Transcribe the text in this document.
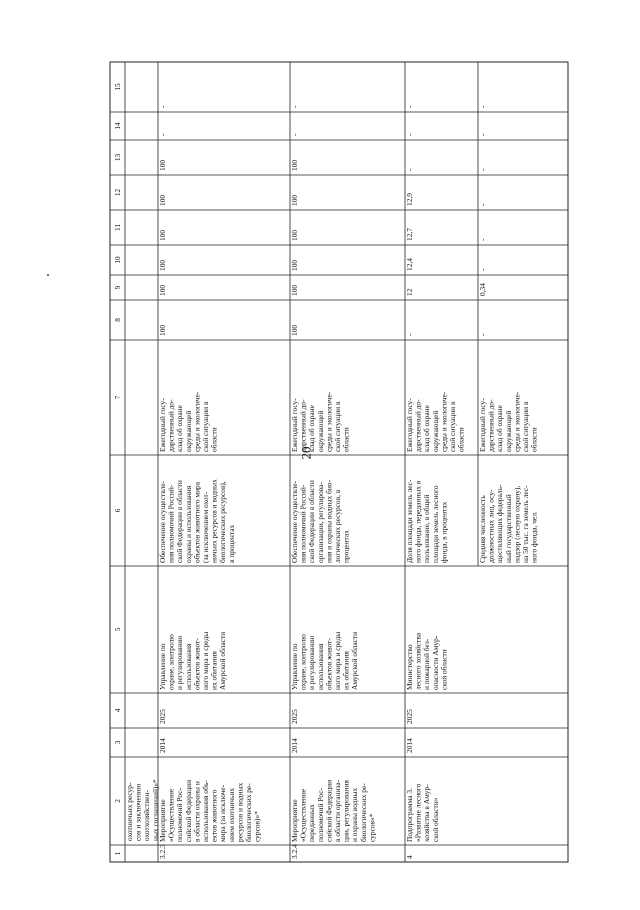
20
1
2
3
4
5
6
7
8
9
10
11
12
13
14
15
охотничьих ресур- сов и заключению охотхозяйствен- ных соглашений)»*
3.2.3
Мероприятие «Осуществление полномочий Рос- сийской Федерации в области охраны и использования объ- ектов животного мира (за исключе- нием охотничьих ресурсов и водных биологических ре- сурсов)»*
2014
2025
Управление по охране, контролю и регулированию использования объектов живот- ного мира и среды их обитания Амурской области
Обеспечение осуществле- ния полномочий Россий- ской Федерации в области охраны и использования объектов животного мира (за исключением охот- ничьих ресурсов и водных биологических ресурсов), в процентах
Ежегодный госу- дарственный до- клад об охране окружающей среды и экологиче- ской ситуации в области
100
100
100
100
100
100
-
-
3.2.4
Мероприятие «Осуществление переданных полномочий Рос- сийской Федерации в области организа- ции, регулирования и охраны водных биологических ре- сурсов»*
2014
2025
Управление по охране, контролю и регулированию использования объектов живот- ного мира и среды их обитания Амурской области
Обеспечение осуществле- ния полномочий Россий- ской Федерации в области организации, регулирова- ния и охраны водных био- логических ресурсов, в процентах
Ежегодный госу- дарственный до- клад об охране окружающей среды и экологиче- ской ситуации в области
100
100
100
100
100
100
-
-
4
Подпрограмма 3. «Развитие лесного хозяйства в Амур- ской области»
2014
2025
Министерство лесного хозяйства и пожарной без- опасности Амур- ской области
Доля площади земель лес- ного фонда, переданных в пользование, в общей площади земель лесного фонда, в процентах
Ежегодный госу- дарственный до- клад об охране окружающей среды и экологиче- ской ситуации в области
-
12
12,4
12,7
12,9
-
-
-
Средняя численность должностных лиц, осу- ществляющих федераль- ный государственный надзор (лесную охрану), на 50 тыс. га земель лес- ного фонда, чел.
Ежегодный госу- дарственный до- клад об охране окружающей среды и экологиче- ской ситуации в области
-
0,34
-
-
-
-
-
-
